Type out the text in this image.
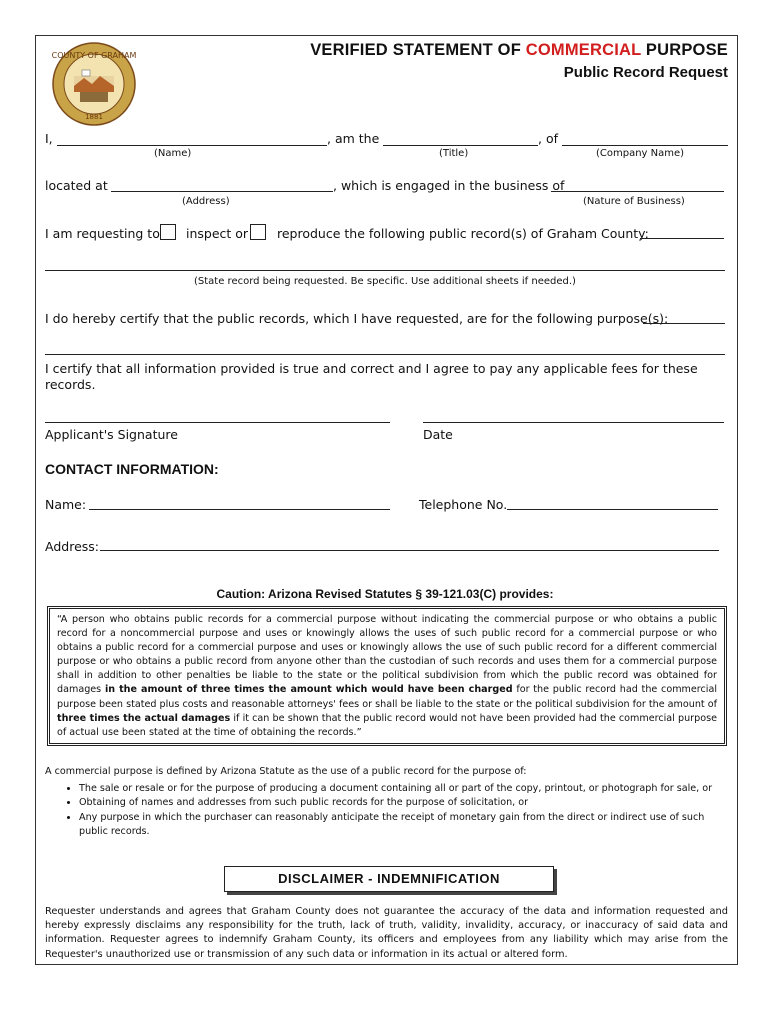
COUNTY OF GRAHAM
1881
VERIFIED STATEMENT OF COMMERCIAL PURPOSE
Public Record Request
I,	, am the	, of
(Name)	(Title)	(Company Name)
located at	, which is engaged in the business of
(Address)	(Nature of Business)
I am requesting to inspect or reproduce the following public record(s) of Graham County:
(State record being requested. Be specific. Use additional sheets if needed.)
I do hereby certify that the public records, which I have requested, are for the following purpose(s):
I certify that all information provided is true and correct and I agree to pay any applicable fees for these
records.
Applicant's Signature	Date
CONTACT INFORMATION:
Name:	Telephone No.
Address:
Caution: Arizona Revised Statutes § 39-121.03(C) provides:

“A person who obtains public records for a commercial purpose without indicating the commercial purpose or who obtains a public record for a noncommercial purpose and uses or knowingly allows the uses of such public record for a commercial purpose or who obtains a public record for a commercial purpose and uses or knowingly allows the use of such public record for a different commercial purpose or who obtains a public record from anyone other than the custodian of such records and uses them for a commercial purpose shall in addition to other penalties be liable to the state or the political subdivision from which the public record was obtained for damages in the amount of three times the amount which would have been charged for the public record had the commercial purpose been stated plus costs and reasonable attorneys' fees or shall be liable to the state or the political subdivision for the amount of three times the actual damages if it can be shown that the public record would not have been provided had the commercial purpose of actual use been stated at the time of obtaining the records.”

A commercial purpose is defined by Arizona Statute as the use of a public record for the purpose of:
• The sale or resale or for the purpose of producing a document containing all or part of the copy, printout, or photograph for sale, or
• Obtaining of names and addresses from such public records for the purpose of solicitation, or
• Any purpose in which the purchaser can reasonably anticipate the receipt of monetary gain from the direct or indirect use of such public records.
DISCLAIMER - INDEMNIFICATION
Requester understands and agrees that Graham County does not guarantee the accuracy of the data and information requested and hereby expressly disclaims any responsibility for the truth, lack of truth, validity, invalidity, accuracy, or inaccuracy of said data and information. Requester agrees to indemnify Graham County, its officers and employees from any liability which may arise from the Requester's unauthorized use or transmission of any such data or information in its actual or altered form.
